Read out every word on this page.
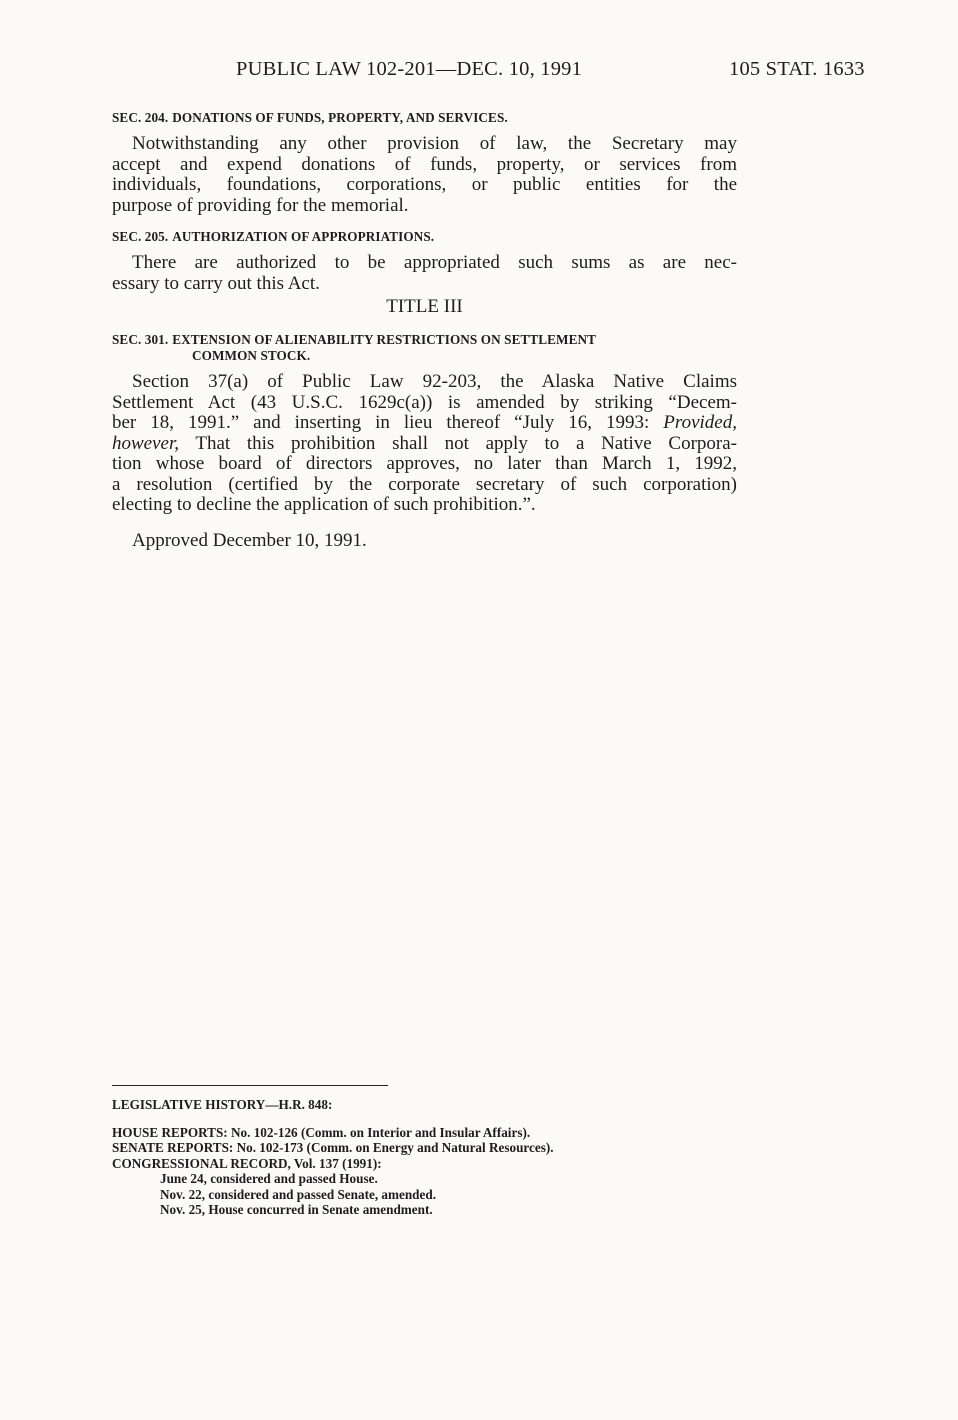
PUBLIC LAW 102-201—DEC. 10, 1991	105 STAT. 1633

SEC. 204. DONATIONS OF FUNDS, PROPERTY, AND SERVICES.

Notwithstanding any other provision of law, the Secretary may
accept and expend donations of funds, property, or services from
individuals, foundations, corporations, or public entities for the
purpose of providing for the memorial.

SEC. 205. AUTHORIZATION OF APPROPRIATIONS.

There are authorized to be appropriated such sums as are nec-
essary to carry out this Act.

TITLE III

SEC. 301. EXTENSION OF ALIENABILITY RESTRICTIONS ON SETTLEMENT
COMMON STOCK.

Section 37(a) of Public Law 92-203, the Alaska Native Claims
Settlement Act (43 U.S.C. 1629c(a)) is amended by striking “Decem-
ber 18, 1991.” and inserting in lieu thereof “July 16, 1993: Provided,
however, That this prohibition shall not apply to a Native Corpora-
tion whose board of directors approves, no later than March 1, 1992,
a resolution (certified by the corporate secretary of such corporation)
electing to decline the application of such prohibition.”.

Approved December 10, 1991.

LEGISLATIVE HISTORY—H.R. 848:
HOUSE REPORTS: No. 102-126 (Comm. on Interior and Insular Affairs).
SENATE REPORTS: No. 102-173 (Comm. on Energy and Natural Resources).
CONGRESSIONAL RECORD, Vol. 137 (1991):
June 24, considered and passed House.
Nov. 22, considered and passed Senate, amended.
Nov. 25, House concurred in Senate amendment.
